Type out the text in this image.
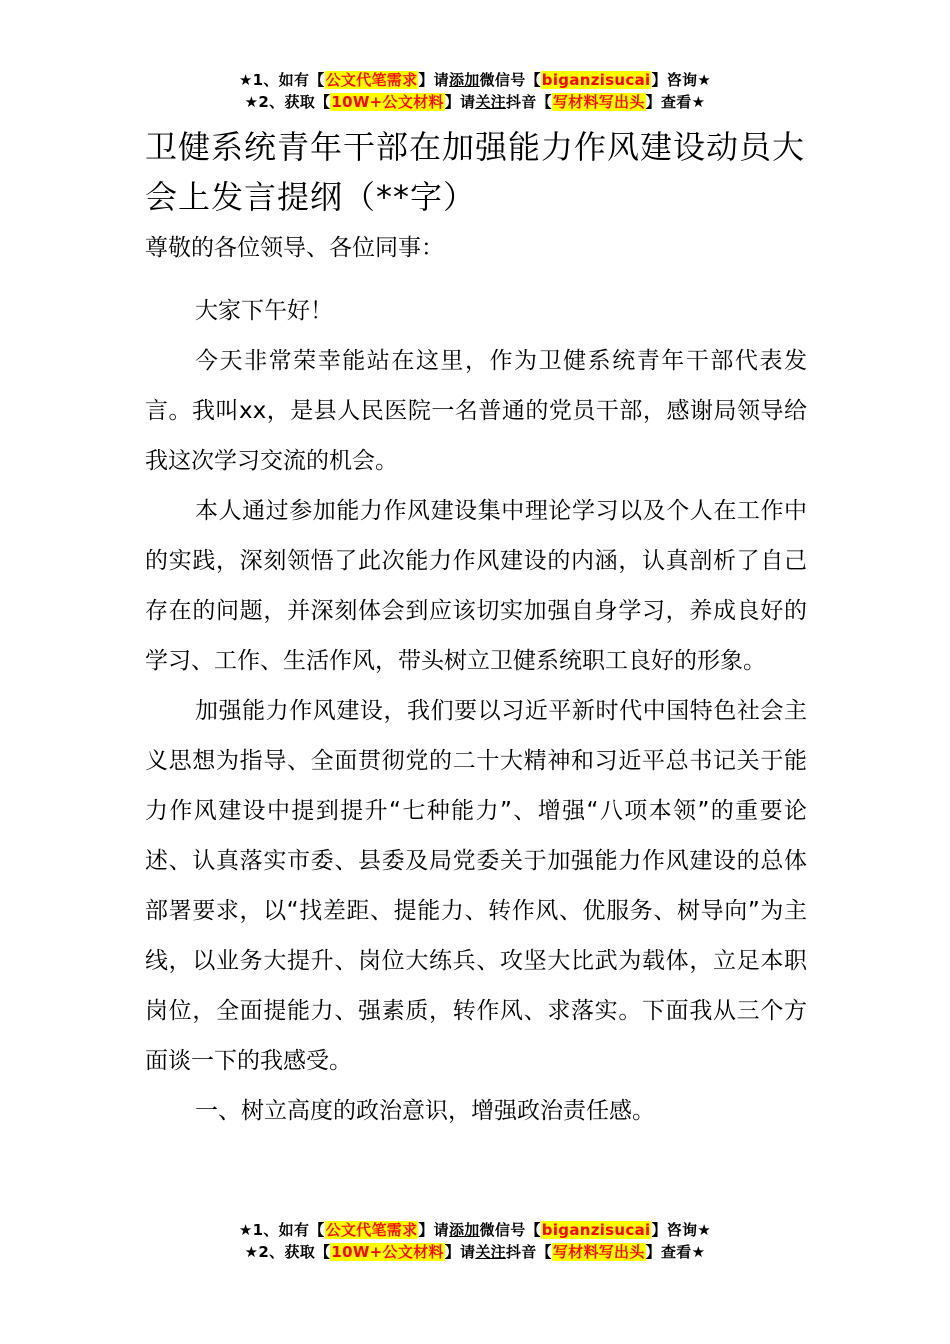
★1、如有【公文代笔需求】请添加微信号【biganzisucai】咨询★
★2、获取【10W+公文材料】请关注抖音【写材料写出头】查看★
卫健系统青年干部在加强能力作风建设动员大会上发言提纲（**字）

尊敬的各位领导、各位同事：

大家下午好！

今天非常荣幸能站在这里，作为卫健系统青年干部代表发言。我叫xx，是县人民医院一名普通的党员干部，感谢局领导给我这次学习交流的机会。

本人通过参加能力作风建设集中理论学习以及个人在工作中的实践，深刻领悟了此次能力作风建设的内涵，认真剖析了自己存在的问题，并深刻体会到应该切实加强自身学习，养成良好的学习、工作、生活作风，带头树立卫健系统职工良好的形象。

加强能力作风建设，我们要以习近平新时代中国特色社会主义思想为指导、全面贯彻党的二十大精神和习近平总书记关于能力作风建设中提到提升“七种能力”、增强“八项本领”的重要论述、认真落实市委、县委及局党委关于加强能力作风建设的总体部署要求，以“找差距、提能力、转作风、优服务、树导向”为主线，以业务大提升、岗位大练兵、攻坚大比武为载体，立足本职岗位，全面提能力、强素质，转作风、求落实。下面我从三个方面谈一下的我感受。

一、树立高度的政治意识，增强政治责任感。

★1、如有【公文代笔需求】请添加微信号【biganzisucai】咨询★
★2、获取【10W+公文材料】请关注抖音【写材料写出头】查看★
